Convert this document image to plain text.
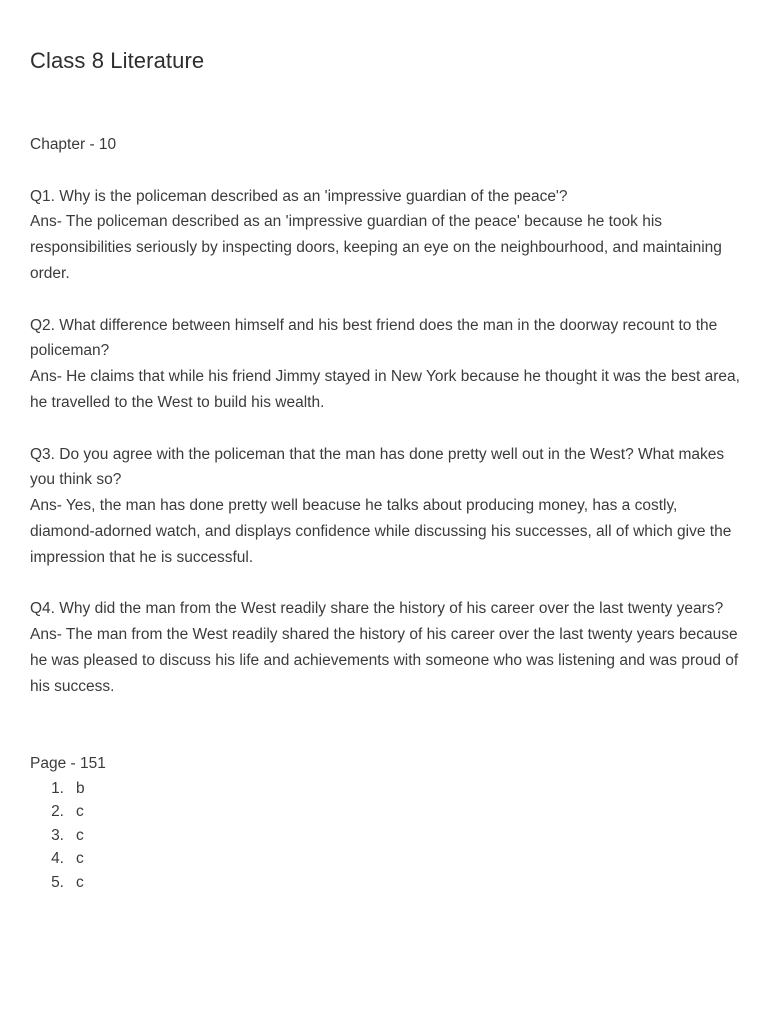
Class 8 Literature

Chapter - 10

Q1. Why is the policeman described as an 'impressive guardian of the peace'?

Ans- The policeman described as an 'impressive guardian of the peace' because he took his responsibilities seriously by inspecting doors, keeping an eye on the neighbourhood, and maintaining order.

Q2. What difference between himself and his best friend does the man in the doorway recount to the policeman?

Ans- He claims that while his friend Jimmy stayed in New York because he thought it was the best area, he travelled to the West to build his wealth.

Q3. Do you agree with the policeman that the man has done pretty well out in the West? What makes you think so?

Ans- Yes, the man has done pretty well beacuse he talks about producing money, has a costly, diamond-adorned watch, and displays confidence while discussing his successes, all of which give the impression that he is successful.

Q4. Why did the man from the West readily share the history of his career over the last twenty years?

Ans- The man from the West readily shared the history of his career over the last twenty years because he was pleased to discuss his life and achievements with someone who was listening and was proud of his success.

Page - 151

1. b
2. c
3. c
4. c
5. c
